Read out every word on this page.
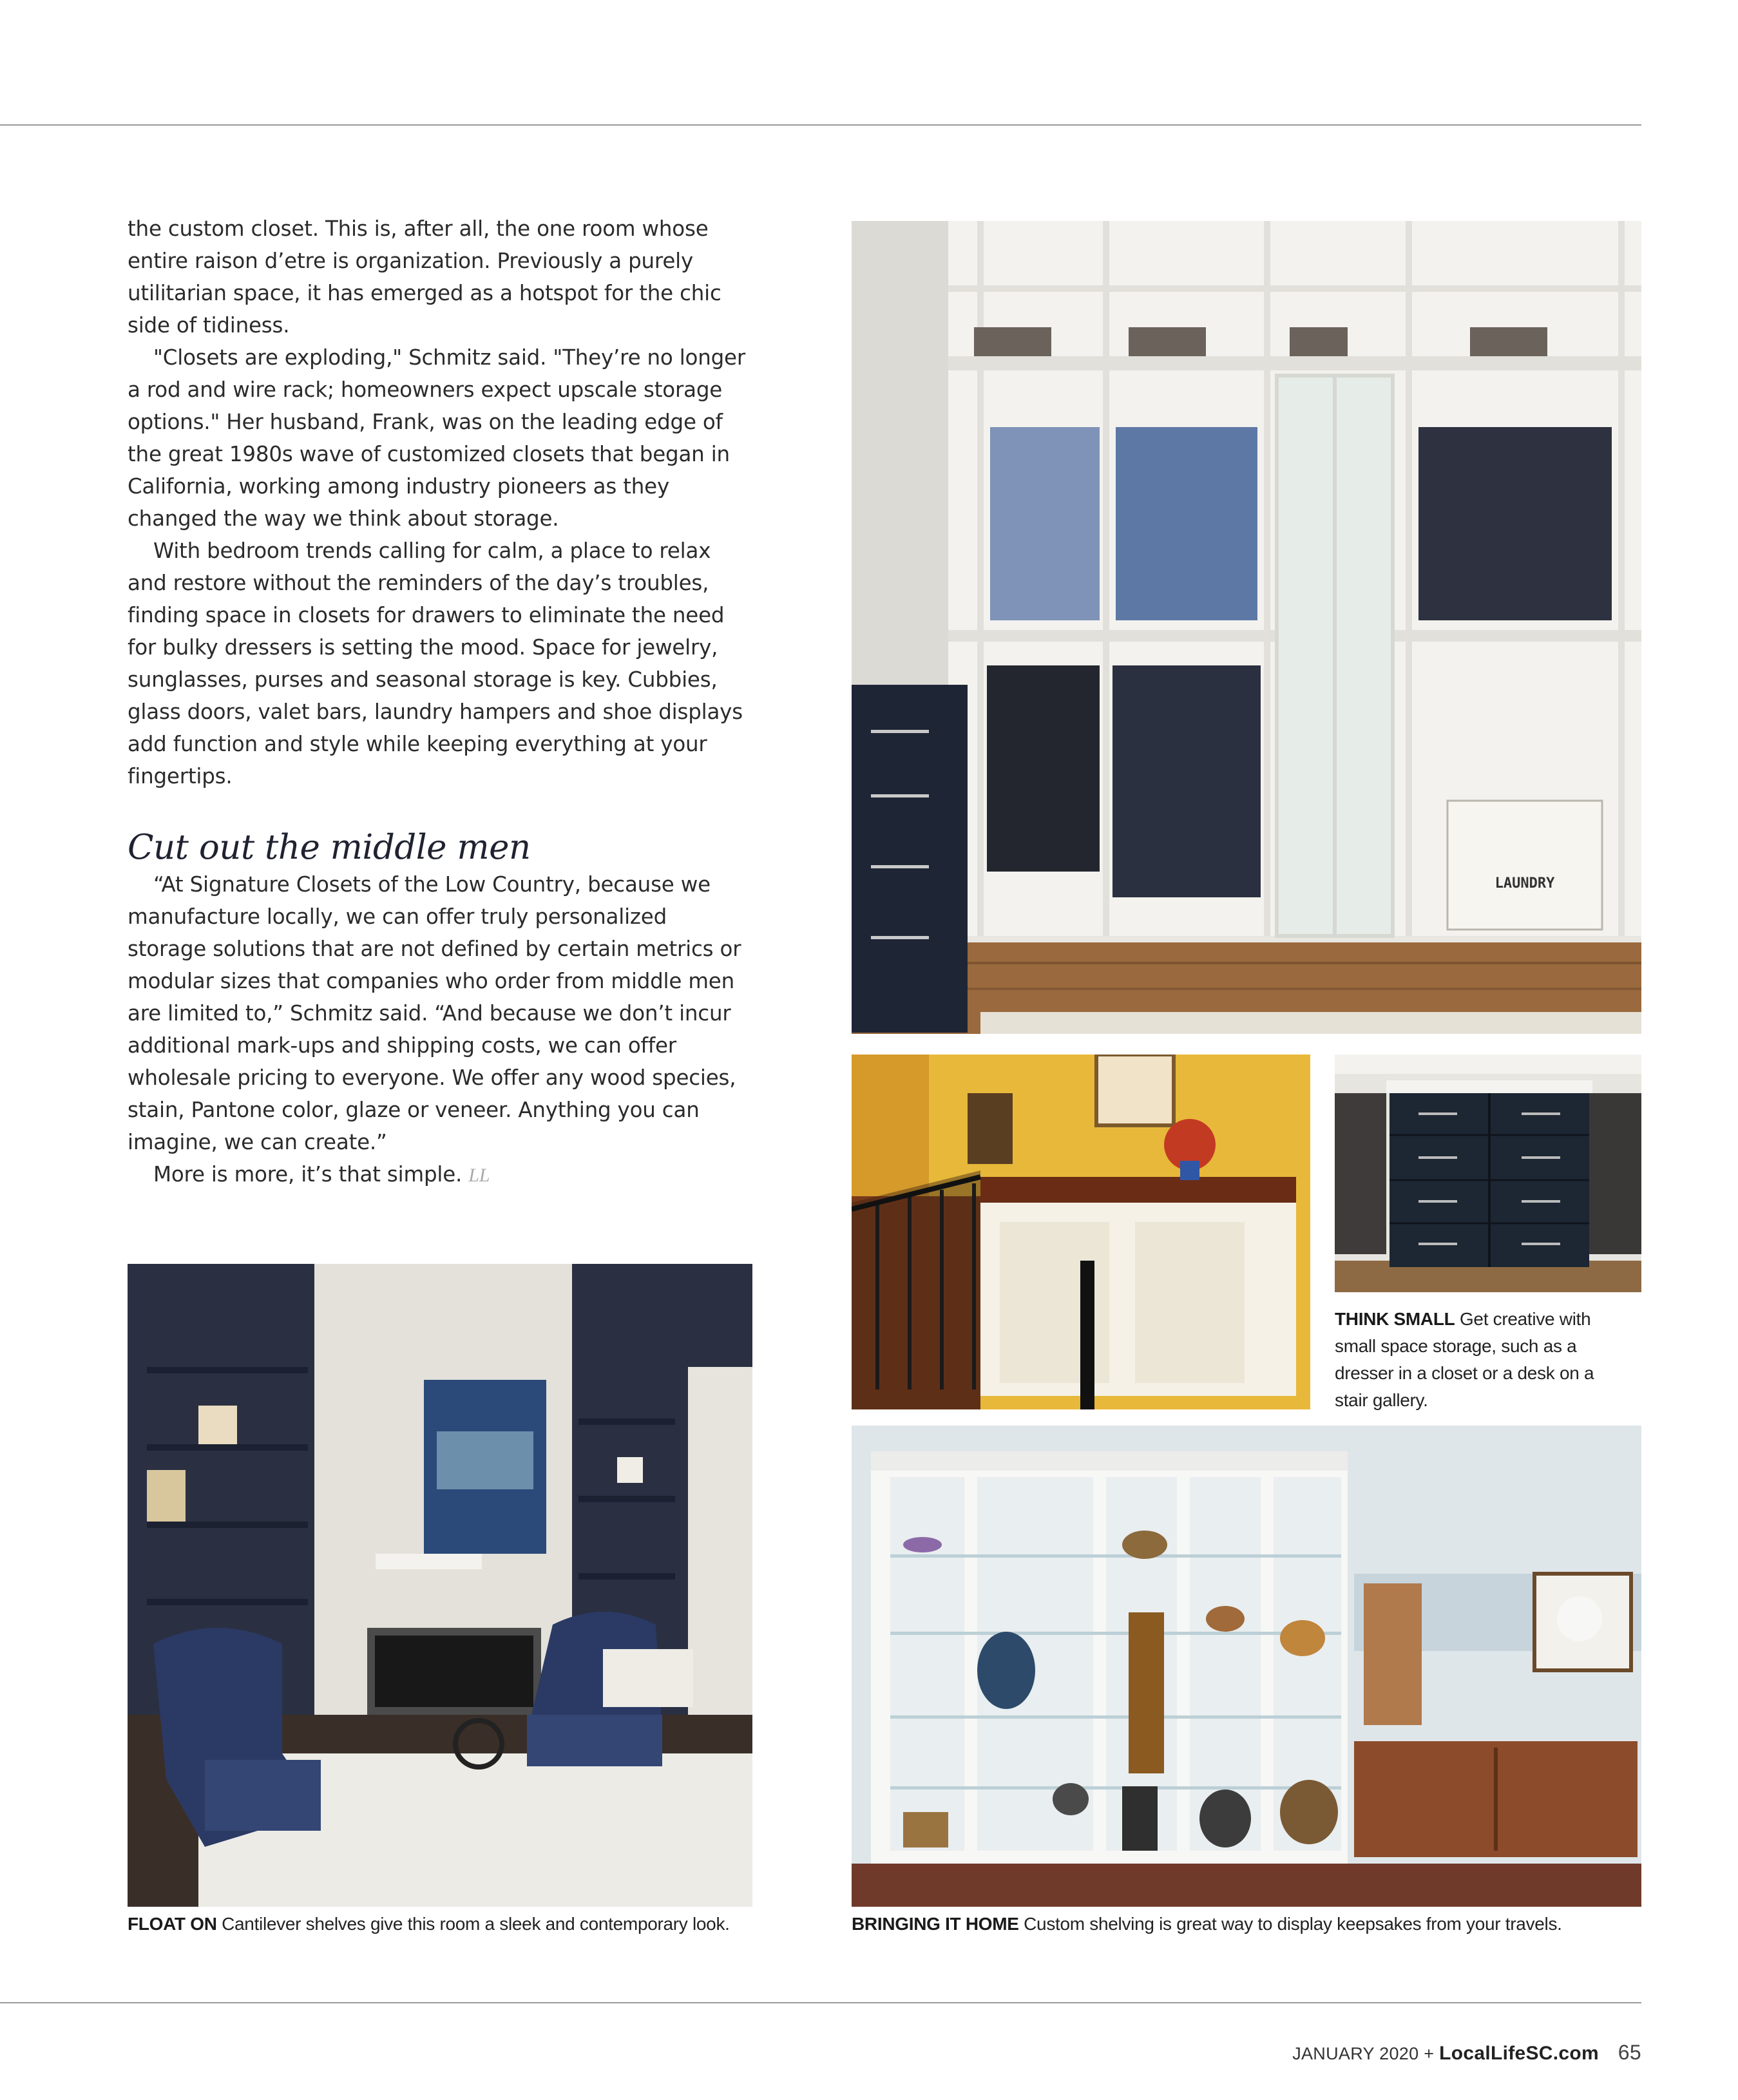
the custom closet. This is, after all, the one room whose entire raison d’etre is organization. Previously a purely utilitarian space, it has emerged as a hotspot for the chic side of tidiness.

"Closets are exploding," Schmitz said. "They’re no longer a rod and wire rack; homeowners expect upscale storage options." Her husband, Frank, was on the leading edge of the great 1980s wave of customized closets that began in California, working among industry pioneers as they changed the way we think about storage.

With bedroom trends calling for calm, a place to relax and restore without the reminders of the day’s troubles, finding space in closets for drawers to eliminate the need for bulky dressers is setting the mood. Space for jewelry, sunglasses, purses and seasonal storage is key. Cubbies, glass doors, valet bars, laundry hampers and shoe displays add function and style while keeping everything at your fingertips.

Cut out the middle men

“At Signature Closets of the Low Country, because we manufacture locally, we can offer truly personalized storage solutions that are not defined by certain metrics or modular sizes that companies who order from middle men are limited to,” Schmitz said. “And because we don’t incur additional mark-ups and shipping costs, we can offer wholesale pricing to everyone. We offer any wood species, stain, Pantone color, glaze or veneer. Anything you can imagine, we can create.”

More is more, it’s that simple. LL

LAUNDRY
THINK SMALL Get creative with small space storage, such as a dresser in a closet or a desk on a stair gallery.
FLOAT ON Cantilever shelves give this room a sleek and contemporary look.	BRINGING IT HOME Custom shelving is great way to display keepsakes from your travels.
JANUARY 2020 + LocalLifeSC.com 65
